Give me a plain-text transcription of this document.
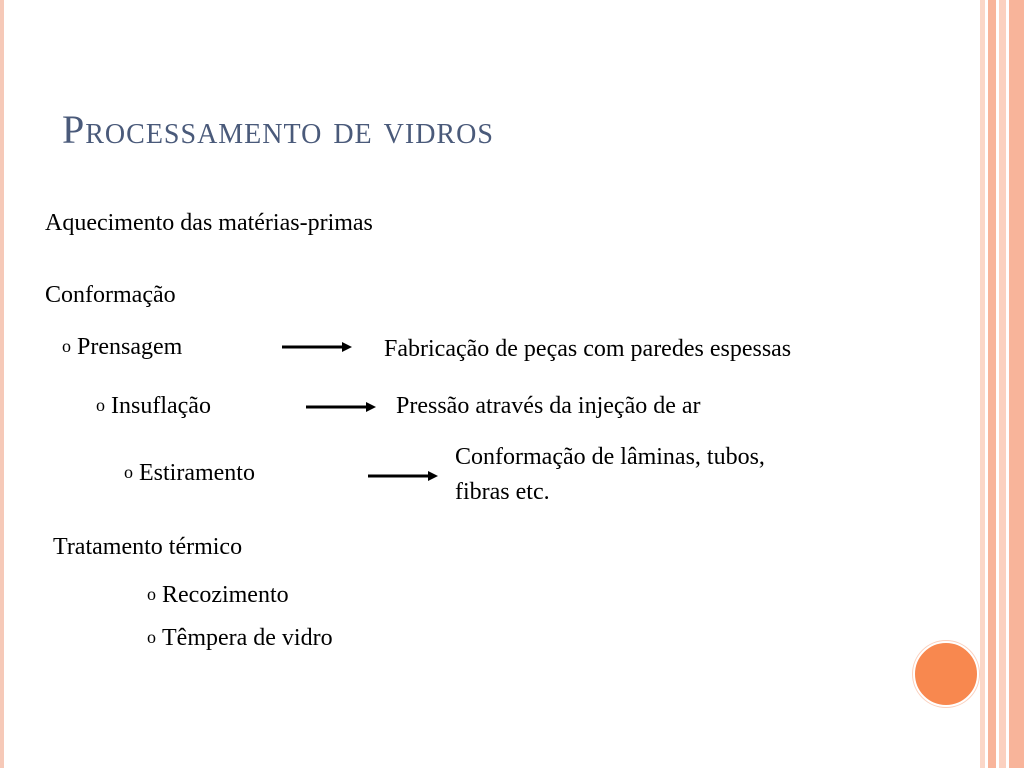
Processamento de vidros
Aquecimento das matérias-primas
Conformação
o Prensagem	Fabricação de peças com paredes espessas
o Insuflação	Pressão através da injeção de ar
o Estiramento
Conformação de lâminas, tubos,
fibras etc.
Tratamento térmico
o Recozimento
o Têmpera de vidro
